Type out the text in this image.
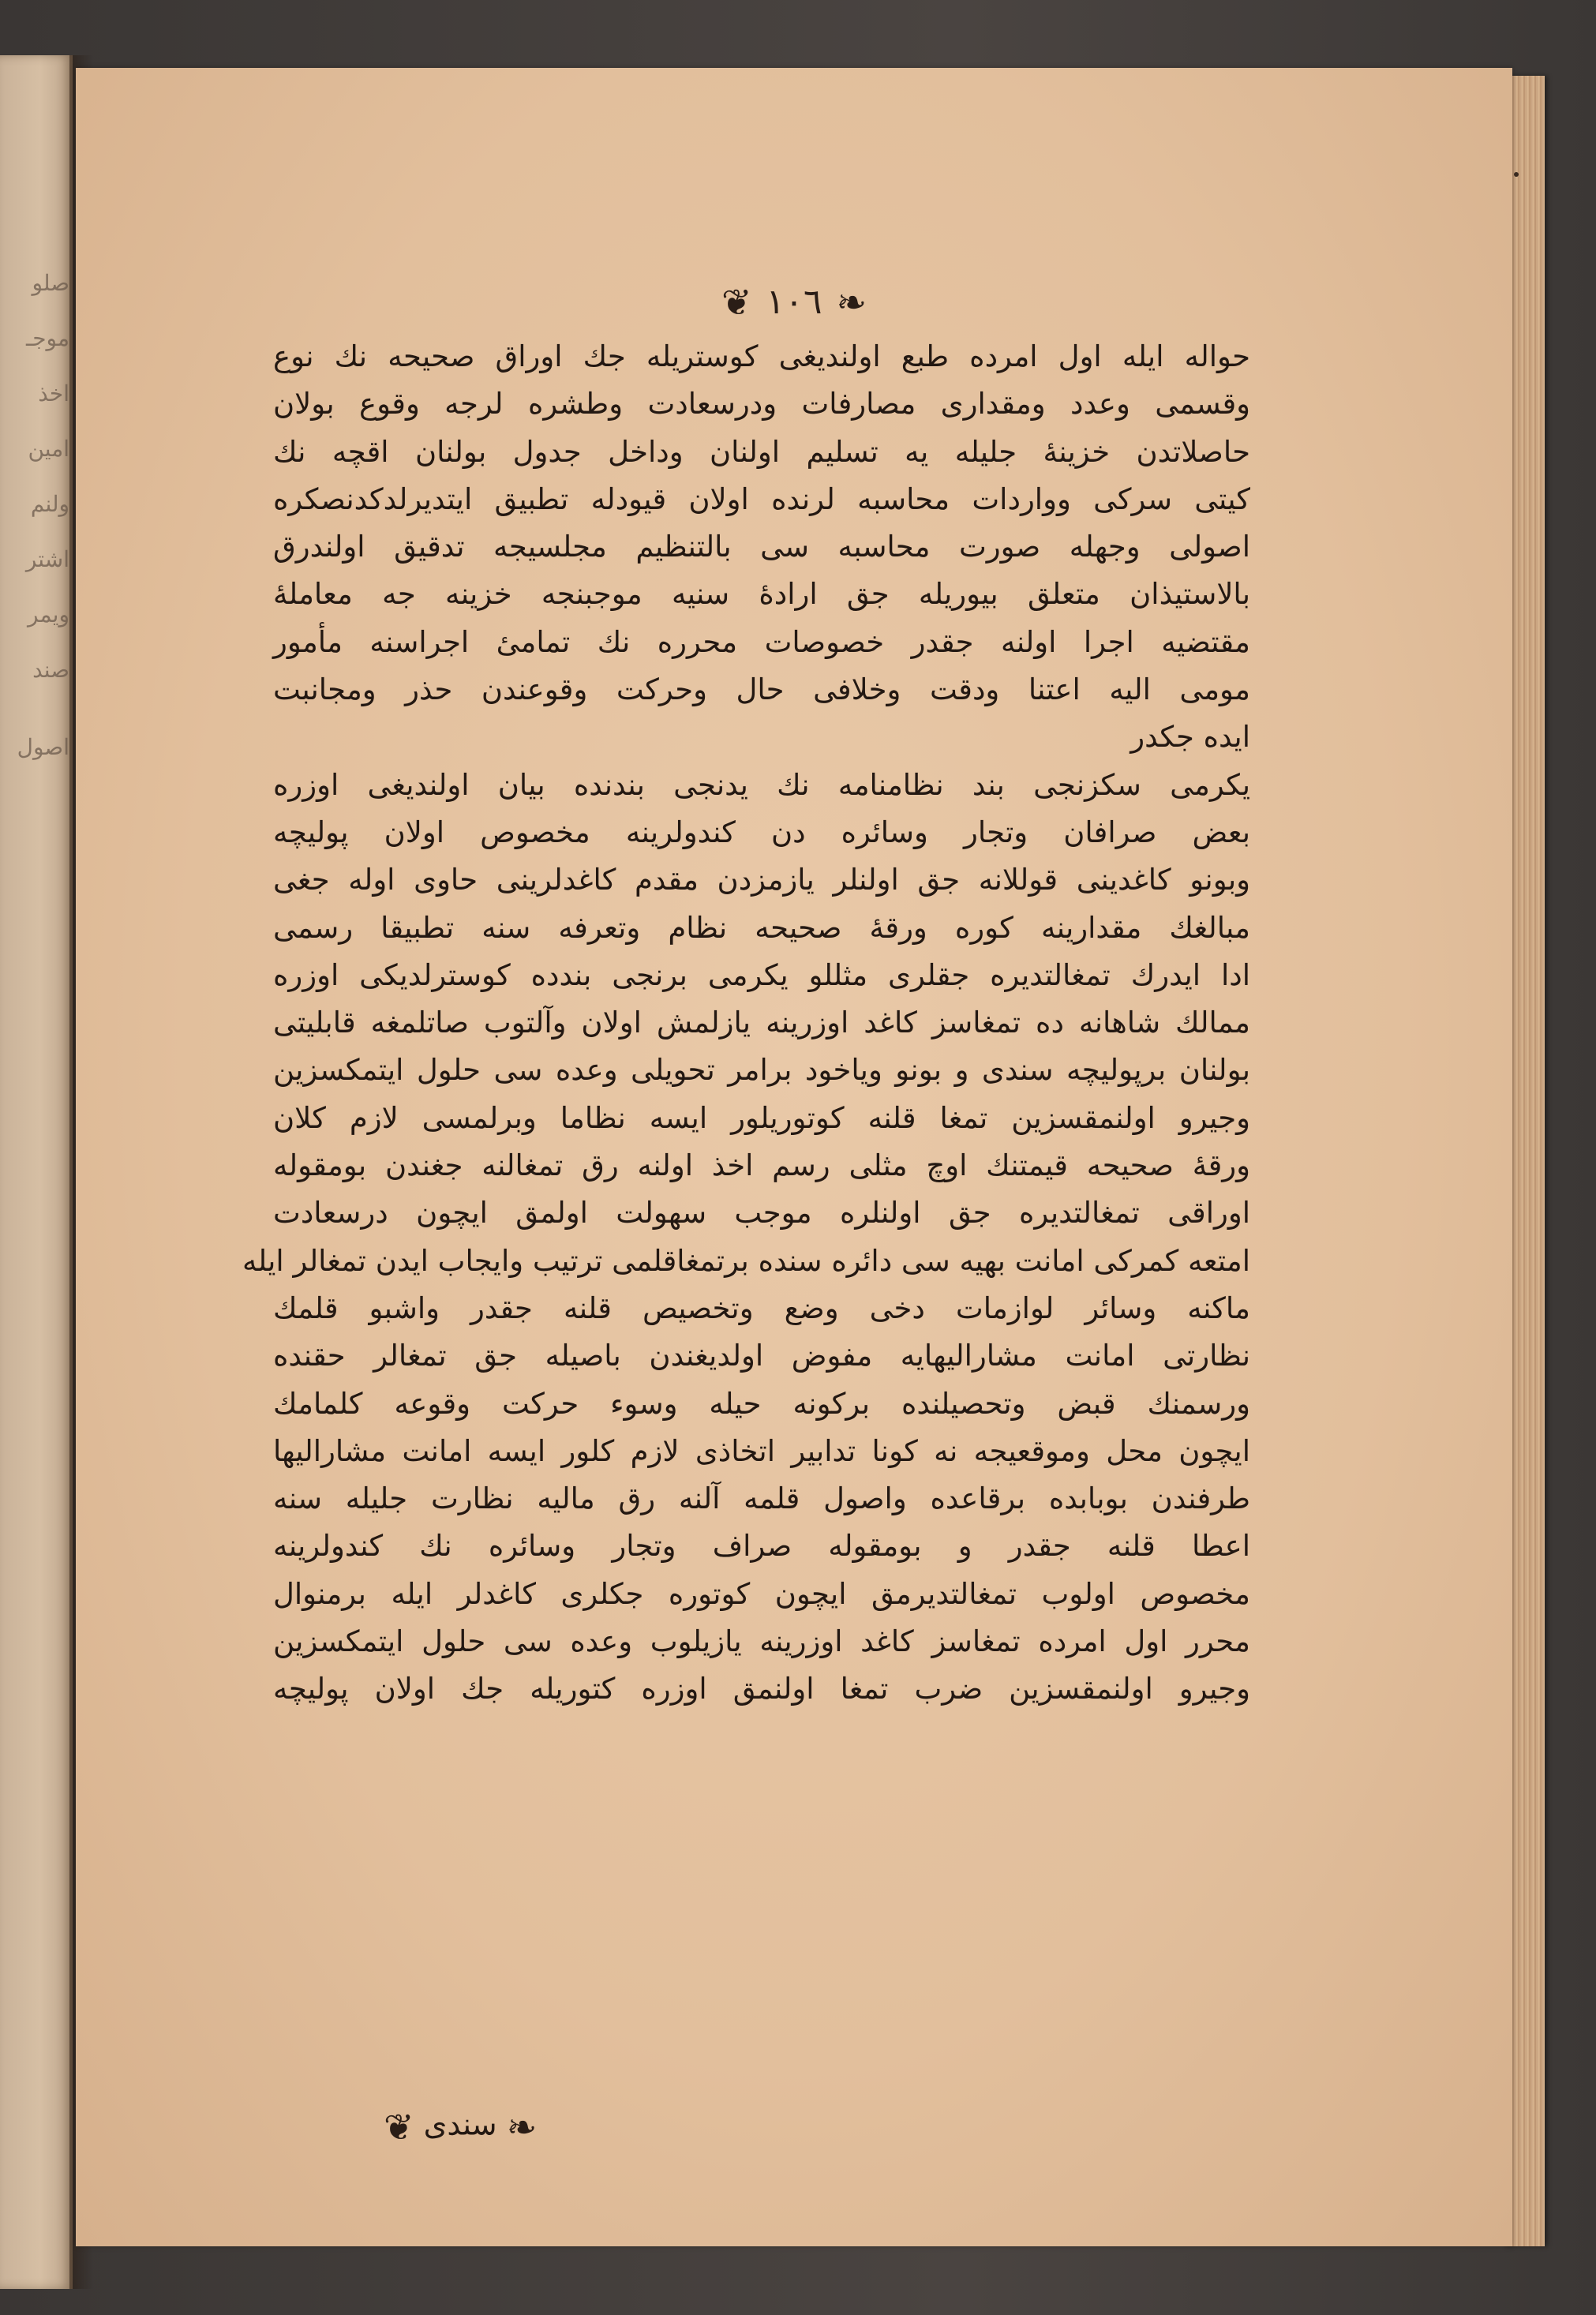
صلو
موجـ
اخذ
امين
ولنم
اشتر
ويمر
صند
اصول
❦ ١٠٦ ❧
حواله ايله اول امرده طبع اولنديغى كوستريله جك اوراق صحيحه نك نوع
وقسمى وعدد ومقدارى مصارفات ودرسعادت وطشره لرجه وقوع بولان
حاصلاتدن خزينهٔ جليله يه تسليم اولنان وداخل جدول بولنان اقچه نك
كيتى سركى وواردات محاسبه لرنده اولان قيودله تطبيق ايتديرلدكدنصكره
اصولى وجهله صورت محاسبه سى بالتنظيم مجلسيجه تدقيق اولندرق
بالاستيذان متعلق بيوريله جق ارادهٔ سنيه موجبنجه خزينه جه معاملهٔ
مقتضيه اجرا اولنه جقدر خصوصات محرره نك تمامىٔ اجراسنه مأمور
مومى اليه اعتنا ودقت وخلافى حال وحركت وقوعندن حذر ومجانبت
ايده جكدر
يكرمى سكزنجى بند نظامنامه نك يدنجى بندنده بيان اولنديغى اوزره
بعض صرافان وتجار وسائره دن كندولرينه مخصوص اولان پوليچه
وبونو كاغدينى قوللانه جق اولنلر يازمزدن مقدم كاغدلرينى حاوى اوله جغى
مبالغك مقدارينه كوره ورقهٔ صحيحه نظام وتعرفه سنه تطبيقا رسمى
ادا ايدرك تمغالتديره جقلرى مثللو يكرمى برنجى بندده كوسترلديكى اوزره
ممالك شاهانه ده تمغاسز كاغد اوزرينه يازلمش اولان وآلتوب صاتلمغه قابليتى
بولنان برپوليچه سندى و بونو وياخود برامر تحويلى وعده سى حلول ايتمكسزين
وجيرو اولنمقسزين تمغا قلنه كوتوريلور ايسه نظاما وبرلمسى لازم كلان
ورقهٔ صحيحه قيمتنك اوچ مثلى رسم اخذ اولنه رق تمغالنه جغندن بومقوله
اوراقى تمغالتديره جق اولنلره موجب سهولت اولمق ايچون درسعادت
امتعه كمركى امانت بهيه سى دائره سنده برتمغاقلمى ترتيب وايجاب ايدن تمغالر ايله
ماكنه وسائر لوازمات دخى وضع وتخصيص قلنه جقدر واشبو قلمك
نظارتى امانت مشاراليهايه مفوض اولديغندن باصيله جق تمغالر حقنده
ورسمنك قبض وتحصيلنده بركونه حيله وسوء حركت وقوعه كلمامك
ايچون محل وموقعيجه نه كونا تدابير اتخاذى لازم كلور ايسه امانت مشاراليها
طرفندن بوبابده برقاعده واصول قلمه آلنه رق ماليه نظارت جليله سنه
اعطا قلنه جقدر و بومقوله صراف وتجار وسائره نك كندولرينه
مخصوص اولوب تمغالتديرمق ايچون كوتوره جكلرى كاغدلر ايله برمنوال
محرر اول امرده تمغاسز كاغد اوزرينه يازيلوب وعده سى حلول ايتمكسزين
وجيرو اولنمقسزين ضرب تمغا اولنمق اوزره كتوريله جك اولان پوليچه
❧ سندى ❦
